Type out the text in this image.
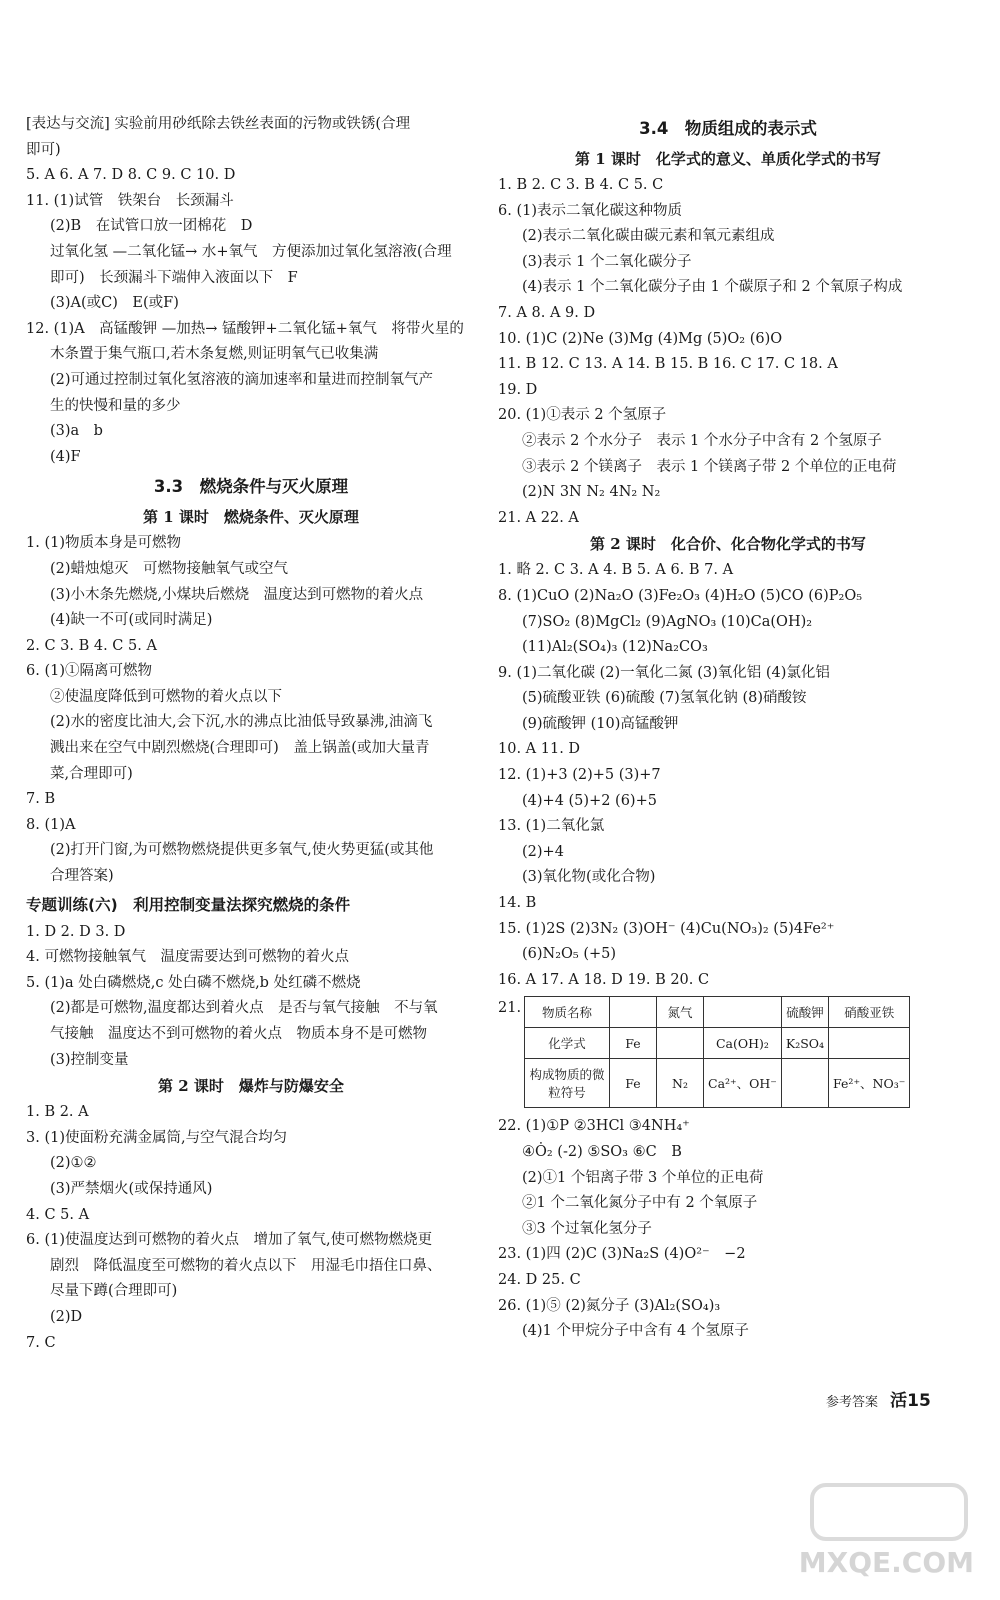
[表达与交流] 实验前用砂纸除去铁丝表面的污物或铁锈(合理
即可)
5. A 6. A 7. D 8. C 9. C 10. D
11. (1)试管　铁架台　长颈漏斗
(2)B　在试管口放一团棉花　D
过氧化氢 —二氧化锰→ 水+氧气　方便添加过氧化氢溶液(合理
即可)　长颈漏斗下端伸入液面以下　F
(3)A(或C)　E(或F)
12. (1)A　高锰酸钾 —加热→ 锰酸钾+二氧化锰+氧气　将带火星的
木条置于集气瓶口,若木条复燃,则证明氧气已收集满
(2)可通过控制过氧化氢溶液的滴加速率和量进而控制氧气产
生的快慢和量的多少
(3)a　b
(4)F
3.3　燃烧条件与灭火原理
第 1 课时　燃烧条件、灭火原理
1. (1)物质本身是可燃物
(2)蜡烛熄灭　可燃物接触氧气或空气
(3)小木条先燃烧,小煤块后燃烧　温度达到可燃物的着火点
(4)缺一不可(或同时满足)
2. C 3. B 4. C 5. A
6. (1)①隔离可燃物
②使温度降低到可燃物的着火点以下
(2)水的密度比油大,会下沉,水的沸点比油低导致暴沸,油滴飞
溅出来在空气中剧烈燃烧(合理即可)　盖上锅盖(或加大量青
菜,合理即可)
7. B
8. (1)A
(2)打开门窗,为可燃物燃烧提供更多氧气,使火势更猛(或其他
合理答案)
专题训练(六)　利用控制变量法探究燃烧的条件
1. D 2. D 3. D
4. 可燃物接触氧气　温度需要达到可燃物的着火点
5. (1)a 处白磷燃烧,c 处白磷不燃烧,b 处红磷不燃烧
(2)都是可燃物,温度都达到着火点　是否与氧气接触　不与氧
气接触　温度达不到可燃物的着火点　物质本身不是可燃物
(3)控制变量
第 2 课时　爆炸与防爆安全
1. B 2. A
3. (1)使面粉充满金属筒,与空气混合均匀
(2)①②
(3)严禁烟火(或保持通风)
4. C 5. A
6. (1)使温度达到可燃物的着火点　增加了氧气,使可燃物燃烧更
剧烈　降低温度至可燃物的着火点以下　用湿毛巾捂住口鼻、
尽量下蹲(合理即可)
(2)D
7. C
3.4　物质组成的表示式
第 1 课时　化学式的意义、单质化学式的书写
1. B 2. C 3. B 4. C 5. C
6. (1)表示二氧化碳这种物质
(2)表示二氧化碳由碳元素和氧元素组成
(3)表示 1 个二氧化碳分子
(4)表示 1 个二氧化碳分子由 1 个碳原子和 2 个氧原子构成
7. A 8. A 9. D
10. (1)C (2)Ne (3)Mg (4)Mg (5)O₂ (6)O
11. B 12. C 13. A 14. B 15. B 16. C 17. C 18. A
19. D
20. (1)①表示 2 个氢原子
②表示 2 个水分子　表示 1 个水分子中含有 2 个氢原子
③表示 2 个镁离子　表示 1 个镁离子带 2 个单位的正电荷
(2)N 3N N₂ 4N₂ N₂
21. A 22. A
第 2 课时　化合价、化合物化学式的书写
1. 略 2. C 3. A 4. B 5. A 6. B 7. A
8. (1)CuO (2)Na₂O (3)Fe₂O₃ (4)H₂O (5)CO (6)P₂O₅
(7)SO₂ (8)MgCl₂ (9)AgNO₃ (10)Ca(OH)₂
(11)Al₂(SO₄)₃ (12)Na₂CO₃
9. (1)二氧化碳 (2)一氧化二氮 (3)氧化铝 (4)氯化铝
(5)硫酸亚铁 (6)硫酸 (7)氢氧化钠 (8)硝酸铵
(9)硫酸钾 (10)高锰酸钾
10. A 11. D
12. (1)+3 (2)+5 (3)+7
(4)+4 (5)+2 (6)+5
13. (1)二氧化氯
(2)+4
(3)氧化物(或化合物)
14. B
15. (1)2S (2)3N₂ (3)OH⁻ (4)Cu(NO₃)₂ (5)4Fe²⁺
(6)N₂O₅ (+5)
16. A 17. A 18. D 19. B 20. C
21. 物质名称		氮气		硫酸钾	硝酸亚铁
化学式	Fe		Ca(OH)₂	K₂SO₄	
构成物质的微粒符号	Fe	N₂	Ca²⁺、OH⁻		Fe²⁺、NO₃⁻
22. (1)①P ②3HCl ③4NH₄⁺
④Ȯ₂ (-2) ⑤SO₃ ⑥C　B
(2)①1 个铝离子带 3 个单位的正电荷
②1 个二氧化氮分子中有 2 个氧原子
③3 个过氧化氢分子
23. (1)四 (2)C (3)Na₂S (4)O²⁻　−2
24. D 25. C
26. (1)⑤ (2)氮分子 (3)Al₂(SO₄)₃
(4)1 个甲烷分子中含有 4 个氢原子
参考答案 活15
MXQE.COM
